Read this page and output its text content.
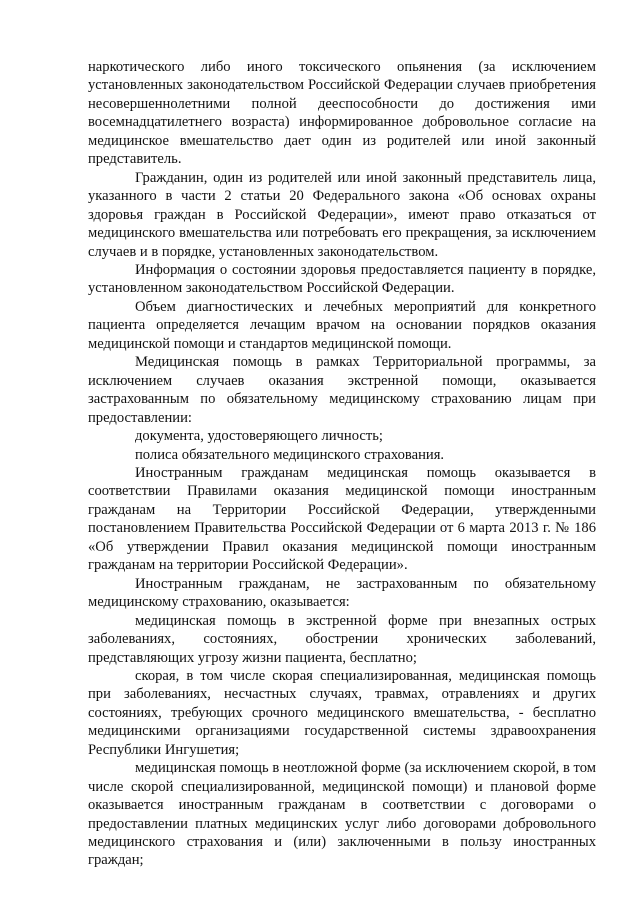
наркотического либо иного токсического опьянения (за исключением установленных законодательством Российской Федерации случаев приобретения несовершеннолетними полной дееспособности до достижения ими восемнадцатилетнего возраста) информированное добровольное согласие на медицинское вмешательство дает один из родителей или иной законный представитель.

Гражданин, один из родителей или иной законный представитель лица, указанного в части 2 статьи 20 Федерального закона «Об основах охраны здоровья граждан в Российской Федерации», имеют право отказаться от медицинского вмешательства или потребовать его прекращения, за исключением случаев и в порядке, установленных законодательством.

Информация о состоянии здоровья предоставляется пациенту в порядке, установленном законодательством Российской Федерации.

Объем диагностических и лечебных мероприятий для конкретного пациента определяется лечащим врачом на основании порядков оказания медицинской помощи и стандартов медицинской помощи.

Медицинская помощь в рамках Территориальной программы, за исключением случаев оказания экстренной помощи, оказывается застрахованным по обязательному медицинскому страхованию лицам при предоставлении:

документа, удостоверяющего личность;

полиса обязательного медицинского страхования.

Иностранным гражданам медицинская помощь оказывается в соответствии Правилами оказания медицинской помощи иностранным гражданам на Территории Российской Федерации, утвержденными постановлением Правительства Российской Федерации от 6 марта 2013 г. № 186 «Об утверждении Правил оказания медицинской помощи иностранным гражданам на территории Российской Федерации».

Иностранным гражданам, не застрахованным по обязательному медицинскому страхованию, оказывается:

медицинская помощь в экстренной форме при внезапных острых заболеваниях, состояниях, обострении хронических заболеваний, представляющих угрозу жизни пациента, бесплатно;

скорая, в том числе скорая специализированная, медицинская помощь при заболеваниях, несчастных случаях, травмах, отравлениях и других состояниях, требующих срочного медицинского вмешательства, - бесплатно медицинскими организациями государственной системы здравоохранения Республики Ингушетия;

медицинская помощь в неотложной форме (за исключением скорой, в том числе скорой специализированной, медицинской помощи) и плановой форме оказывается иностранным гражданам в соответствии с договорами о предоставлении платных медицинских услуг либо договорами добровольного медицинского страхования и (или) заключенными в пользу иностранных граждан;
